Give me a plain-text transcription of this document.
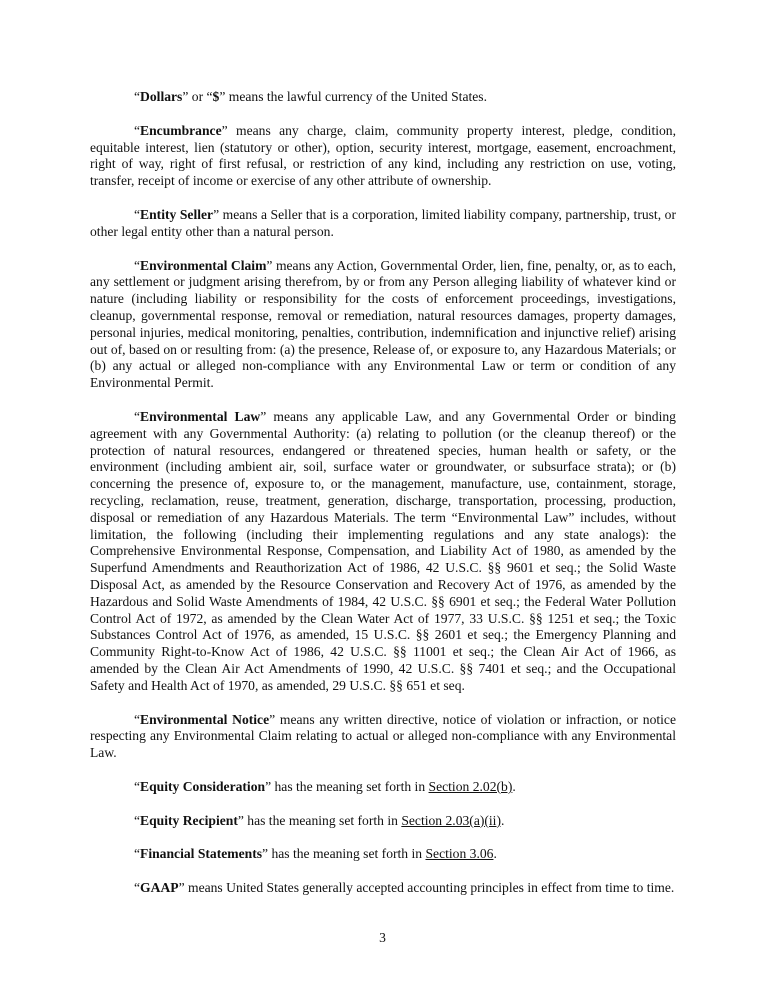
“Dollars” or “$” means the lawful currency of the United States.

“Encumbrance” means any charge, claim, community property interest, pledge, condition, equitable interest, lien (statutory or other), option, security interest, mortgage, easement, encroachment, right of way, right of first refusal, or restriction of any kind, including any restriction on use, voting, transfer, receipt of income or exercise of any other attribute of ownership.

“Entity Seller” means a Seller that is a corporation, limited liability company, partnership, trust, or other legal entity other than a natural person.

“Environmental Claim” means any Action, Governmental Order, lien, fine, penalty, or, as to each, any settlement or judgment arising therefrom, by or from any Person alleging liability of whatever kind or nature (including liability or responsibility for the costs of enforcement proceedings, investigations, cleanup, governmental response, removal or remediation, natural resources damages, property damages, personal injuries, medical monitoring, penalties, contribution, indemnification and injunctive relief) arising out of, based on or resulting from: (a) the presence, Release of, or exposure to, any Hazardous Materials; or (b) any actual or alleged non-compliance with any Environmental Law or term or condition of any Environmental Permit.

“Environmental Law” means any applicable Law, and any Governmental Order or binding agreement with any Governmental Authority: (a) relating to pollution (or the cleanup thereof) or the protection of natural resources, endangered or threatened species, human health or safety, or the environment (including ambient air, soil, surface water or groundwater, or subsurface strata); or (b) concerning the presence of, exposure to, or the management, manufacture, use, containment, storage, recycling, reclamation, reuse, treatment, generation, discharge, transportation, processing, production, disposal or remediation of any Hazardous Materials. The term “Environmental Law” includes, without limitation, the following (including their implementing regulations and any state analogs): the Comprehensive Environmental Response, Compensation, and Liability Act of 1980, as amended by the Superfund Amendments and Reauthorization Act of 1986, 42 U.S.C. §§ 9601 et seq.; the Solid Waste Disposal Act, as amended by the Resource Conservation and Recovery Act of 1976, as amended by the Hazardous and Solid Waste Amendments of 1984, 42 U.S.C. §§ 6901 et seq.; the Federal Water Pollution Control Act of 1972, as amended by the Clean Water Act of 1977, 33 U.S.C. §§ 1251 et seq.; the Toxic Substances Control Act of 1976, as amended, 15 U.S.C. §§ 2601 et seq.; the Emergency Planning and Community Right-to-Know Act of 1986, 42 U.S.C. §§ 11001 et seq.; the Clean Air Act of 1966, as amended by the Clean Air Act Amendments of 1990, 42 U.S.C. §§ 7401 et seq.; and the Occupational Safety and Health Act of 1970, as amended, 29 U.S.C. §§ 651 et seq.

“Environmental Notice” means any written directive, notice of violation or infraction, or notice respecting any Environmental Claim relating to actual or alleged non-compliance with any Environmental Law.

“Equity Consideration” has the meaning set forth in Section 2.02(b).

“Equity Recipient” has the meaning set forth in Section 2.03(a)(ii).

“Financial Statements” has the meaning set forth in Section 3.06.

“GAAP” means United States generally accepted accounting principles in effect from time to time.

3
